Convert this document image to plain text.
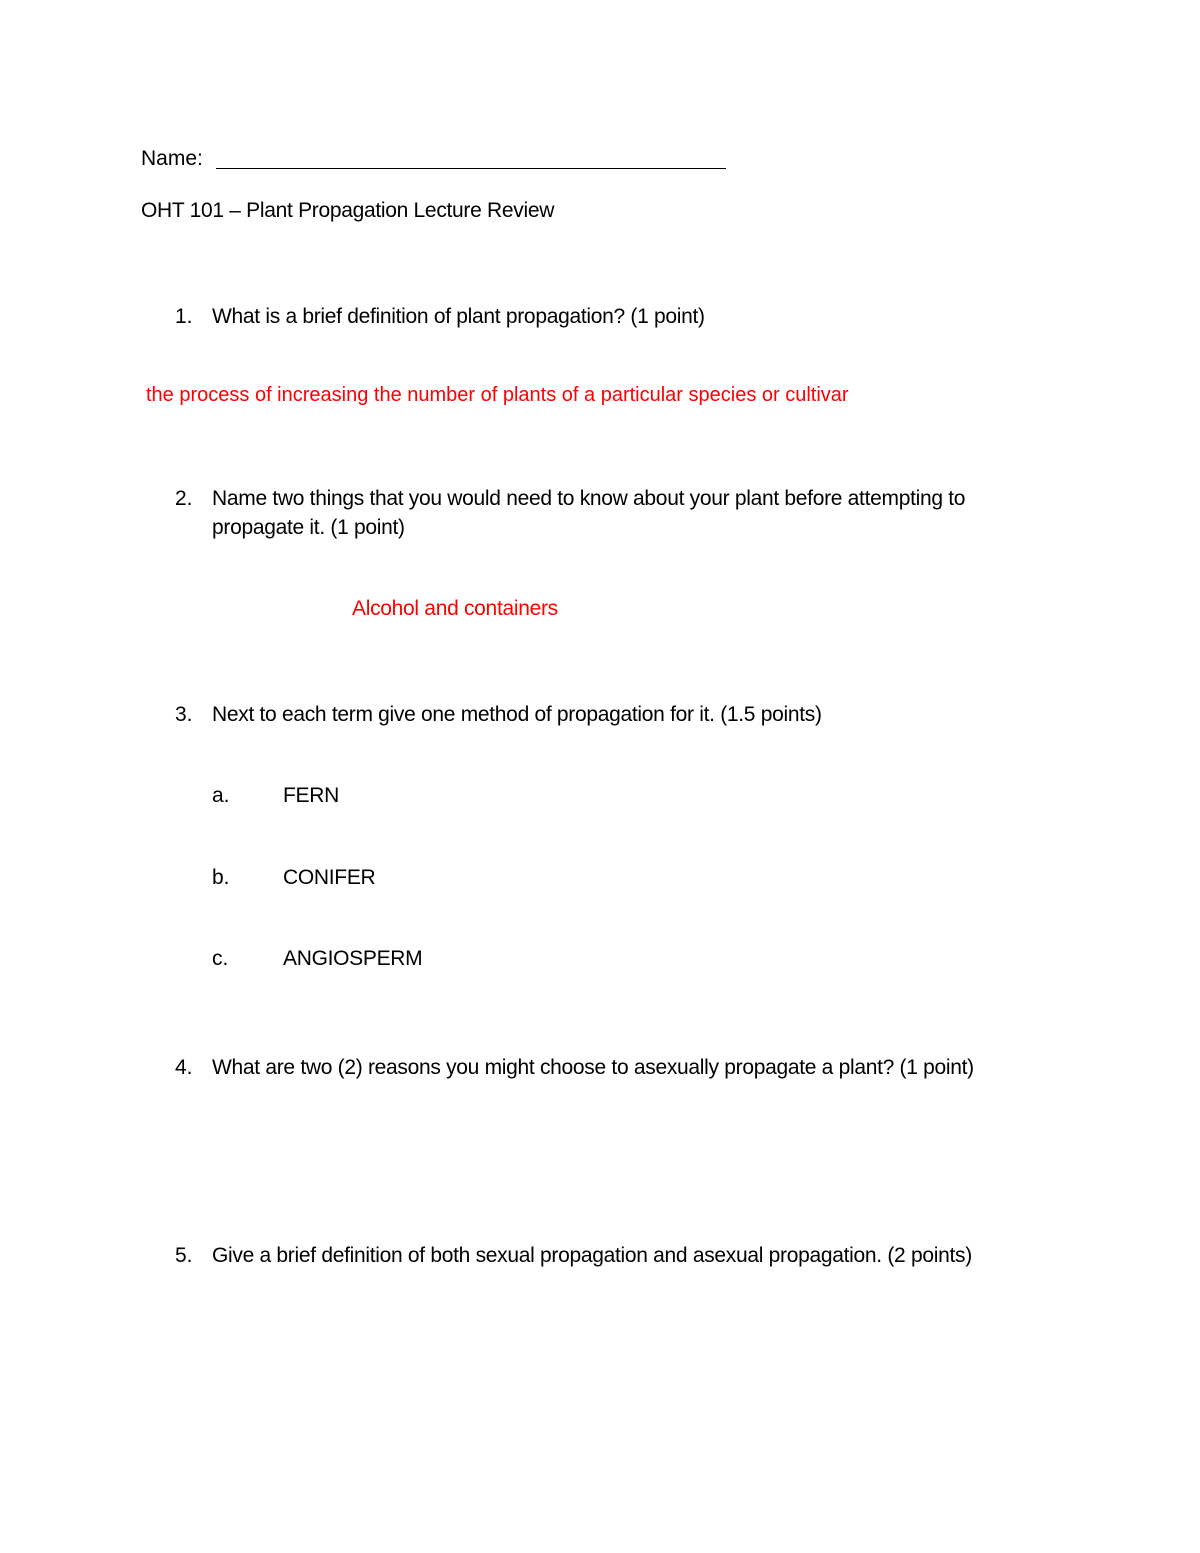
Name:
OHT 101 – Plant Propagation Lecture Review
1. What is a brief definition of plant propagation? (1 point)
the process of increasing the number of plants of a particular species or cultivar
2. Name two things that you would need to know about your plant before attempting to
propagate it. (1 point)
Alcohol and containers
3. Next to each term give one method of propagation for it. (1.5 points)
a.	FERN
b.	CONIFER
c.	ANGIOSPERM
4. What are two (2) reasons you might choose to asexually propagate a plant? (1 point)
5. Give a brief definition of both sexual propagation and asexual propagation. (2 points)
